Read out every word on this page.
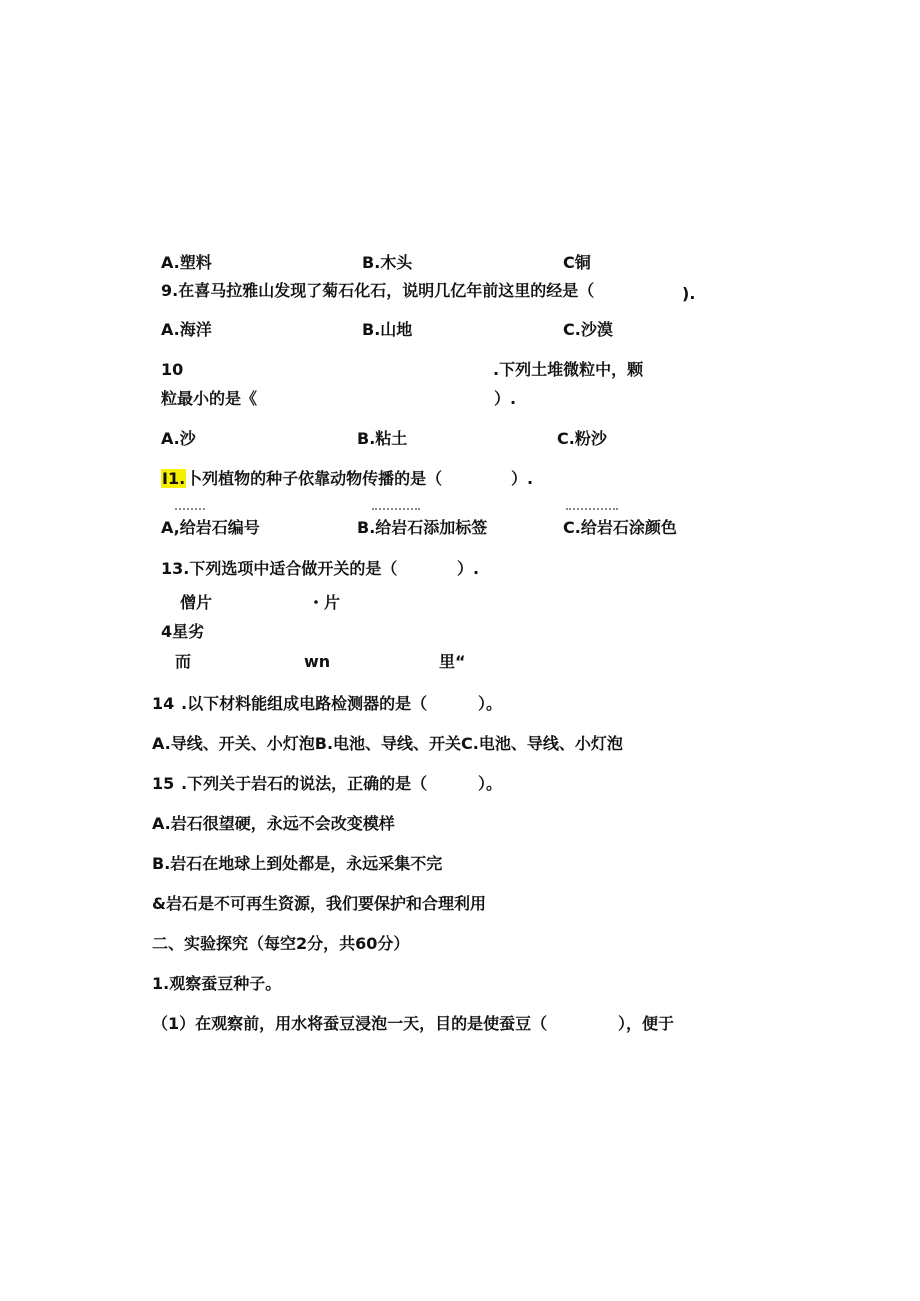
A.塑料	B.木头	C铜
9.在喜马拉雅山发现了菊石化石，说明几亿年前这里的经是（	).
A.海洋	B.山地	C.沙漠
10	.下列土堆微粒中，颗
粒最小的是《	）.
A.沙	B.粘土	C.粉沙
I1.卜列植物的种子依靠动物传播的是（	）.
A,给岩石编号	B.给岩石添加标签	C.给岩石涂颜色
13.下列选项中适合做开关的是（	）.
僧片	・片
4星劣
而	wn	里“
14 .以下材料能组成电路检测器的是（	）。
A.导线、开关、小灯泡B.电池、导线、开关C.电池、导线、小灯泡
15 .下列关于岩石的说法，正确的是（	）。
A.岩石很望硬，永远不会改变模样
B.岩石在地球上到处都是，永远采集不完
&岩石是不可再生资源，我们要保护和合理利用
二、实验探究（每空2分，共60分）
1.观察蚕豆种子。
（1）在观察前，用水将蚕豆浸泡一天，目的是使蚕豆（	），便于
